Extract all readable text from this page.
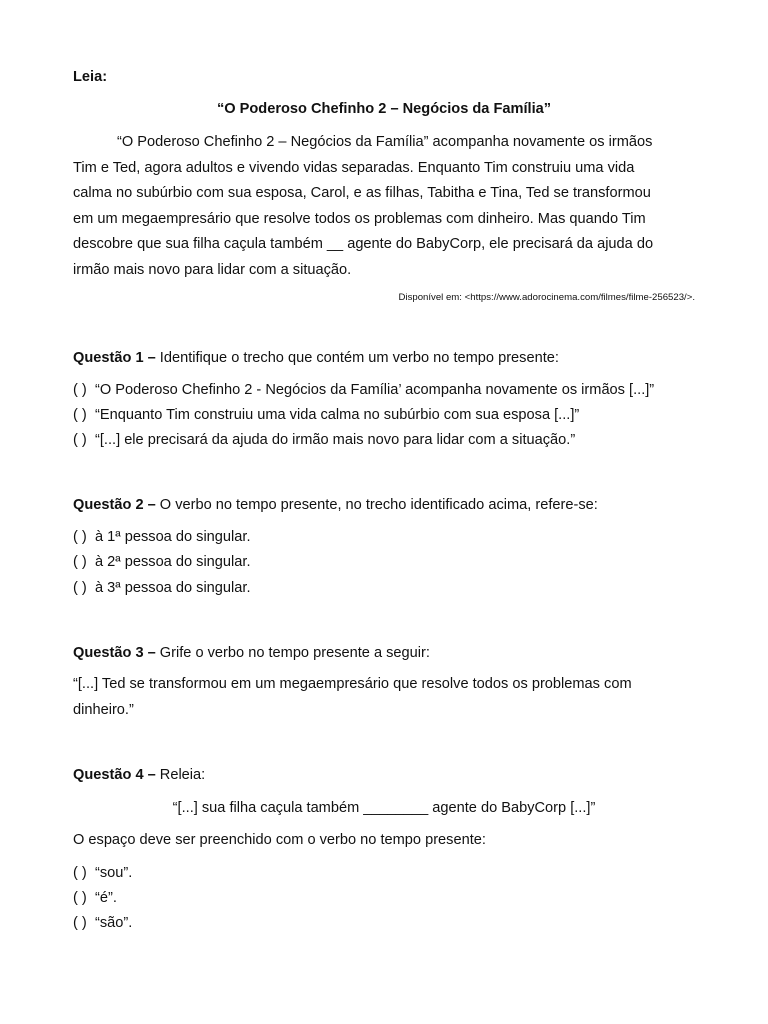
Leia:
“O Poderoso Chefinho 2 – Negócios da Família”
“O Poderoso Chefinho 2 – Negócios da Família” acompanha novamente os irmãos
Tim e Ted, agora adultos e vivendo vidas separadas. Enquanto Tim construiu uma vida
calma no subúrbio com sua esposa, Carol, e as filhas, Tabitha e Tina, Ted se transformou
em um megaempresário que resolve todos os problemas com dinheiro. Mas quando Tim
descobre que sua filha caçula também __ agente do BabyCorp, ele precisará da ajuda do
irmão mais novo para lidar com a situação.
Disponível em: <https://www.adorocinema.com/filmes/filme-256523/>.
Questão 1 – Identifique o trecho que contém um verbo no tempo presente:
( ) “O Poderoso Chefinho 2 - Negócios da Família’ acompanha novamente os irmãos [...]”
( ) “Enquanto Tim construiu uma vida calma no subúrbio com sua esposa [...]”
( ) “[...] ele precisará da ajuda do irmão mais novo para lidar com a situação.”
Questão 2 – O verbo no tempo presente, no trecho identificado acima, refere-se:
( ) à 1ª pessoa do singular.
( ) à 2ª pessoa do singular.
( ) à 3ª pessoa do singular.
Questão 3 – Grife o verbo no tempo presente a seguir:
“[...] Ted se transformou em um megaempresário que resolve todos os problemas com
dinheiro.”
Questão 4 – Releia:
“[...] sua filha caçula também ________ agente do BabyCorp [...]”
O espaço deve ser preenchido com o verbo no tempo presente:
( ) “sou”.
( ) “é”.
( ) “são”.
